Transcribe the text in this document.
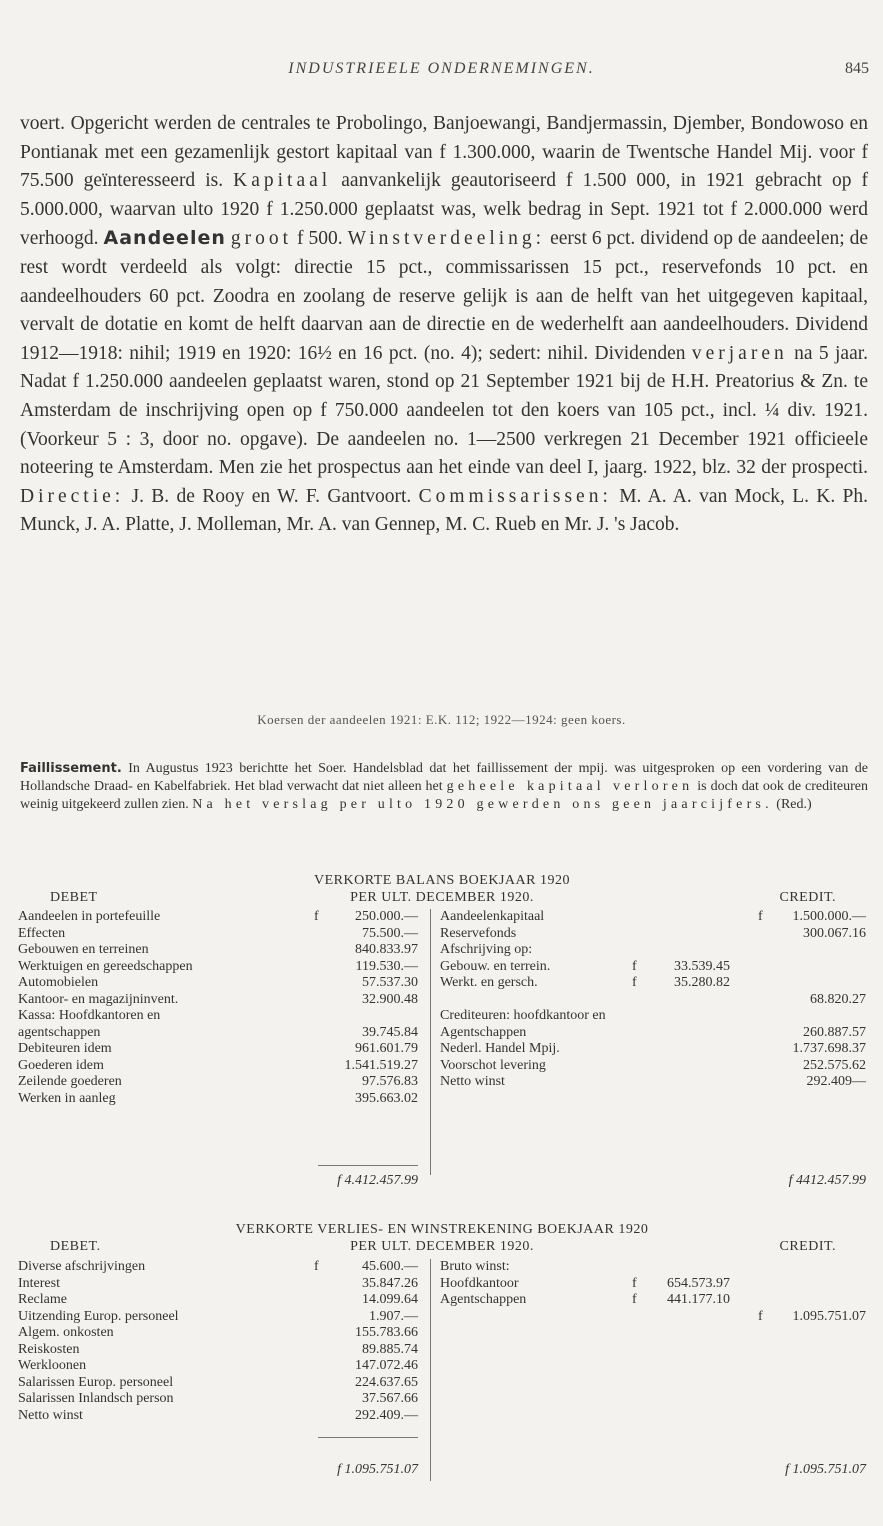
INDUSTRIEELE ONDERNEMINGEN.	845
voert. Opgericht werden de centrales te Probolingo, Banjoewangi, Bandjermassin, Djember, Bondowoso en Pontianak met een gezamenlijk gestort kapitaal van f 1.300.000, waarin de Twentsche Handel Mij. voor f 75.500 geïnteresseerd is. Kapitaal aanvankelijk geautoriseerd f 1.500 000, in 1921 gebracht op f 5.000.000, waarvan ulto 1920 f 1.250.000 geplaatst was, welk bedrag in Sept. 1921 tot f 2.000.000 werd verhoogd. Aandeelen groot f 500. Winstverdeeling: eerst 6 pct. dividend op de aandeelen; de rest wordt verdeeld als volgt: directie 15 pct., commissarissen 15 pct., reservefonds 10 pct. en aandeelhouders 60 pct. Zoodra en zoolang de reserve gelijk is aan de helft van het uitgegeven kapitaal, vervalt de dotatie en komt de helft daarvan aan de directie en de wederhelft aan aandeelhouders. Dividend 1912—1918: nihil; 1919 en 1920: 16½ en 16 pct. (no. 4); sedert: nihil. Dividenden verjaren na 5 jaar. Nadat f 1.250.000 aandeelen geplaatst waren, stond op 21 September 1921 bij de H.H. Preatorius & Zn. te Amsterdam de inschrijving open op f 750.000 aandeelen tot den koers van 105 pct., incl. ¼ div. 1921. (Voorkeur 5 : 3, door no. opgave). De aandeelen no. 1—2500 verkregen 21 December 1921 officieele noteering te Amsterdam. Men zie het prospectus aan het einde van deel I, jaarg. 1922, blz. 32 der prospecti. Directie: J. B. de Rooy en W. F. Gantvoort. Commissarissen: M. A. A. van Mock, L. K. Ph. Munck, J. A. Platte, J. Molleman, Mr. A. van Gennep, M. C. Rueb en Mr. J. 's Jacob.
Koersen der aandeelen 1921: E.K. 112; 1922—1924: geen koers.
Faillissement. In Augustus 1923 berichtte het Soer. Handelsblad dat het faillissement der mpij. was uitgesproken op een vordering van de Hollandsche Draad- en Kabelfabriek. Het blad verwacht dat niet alleen het geheele kapitaal verloren is doch dat ook de crediteuren weinig uitgekeerd zullen zien. Na het verslag per ulto 1920 gewerden ons geen jaarcijfers. (Red.)
VERKORTE BALANS BOEKJAAR 1920
PER ULT. DECEMBER 1920.
DEBET	CREDIT.
Aandeelen in portefeuille	f	250.000.—
Effecten	75.500.—
Gebouwen en terreinen	840.833.97
Werktuigen en gereedschappen	119.530.—
Automobielen	57.537.30
Kantoor- en magazijninvent.	32.900.48
Kassa: Hoofdkantoren en
agentschappen	39.745.84
Debiteuren idem	961.601.79
Goederen idem	1.541.519.27
Zeilende goederen	97.576.83
Werken in aanleg	395.663.02
Aandeelenkapitaal	f	1.500.000.—
Reservefonds	300.067.16
Afschrijving op:
Gebouw. en terrein.	f	33.539.45
Werkt. en gersch.	f	35.280.82
68.820.27
Crediteuren: hoofdkantoor en
Agentschappen	260.887.57
Nederl. Handel Mpij.	1.737.698.37
Voorschot levering	252.575.62
Netto winst	292.409—
f 4.412.457.99	f 4412.457.99
VERKORTE VERLIES- EN WINSTREKENING BOEKJAAR 1920
PER ULT. DECEMBER 1920.
DEBET.	CREDIT.
Diverse afschrijvingen	f	45.600.—
Interest	35.847.26
Reclame	14.099.64
Uitzending Europ. personeel	1.907.—
Algem. onkosten	155.783.66
Reiskosten	89.885.74
Werkloonen	147.072.46
Salarissen Europ. personeel	224.637.65
Salarissen Inlandsch person	37.567.66
Netto winst	292.409.—
Bruto winst:
Hoofdkantoor	f	654.573.97
Agentschappen	f	441.177.10
f	1.095.751.07
f 1.095.751.07	f 1.095.751.07
